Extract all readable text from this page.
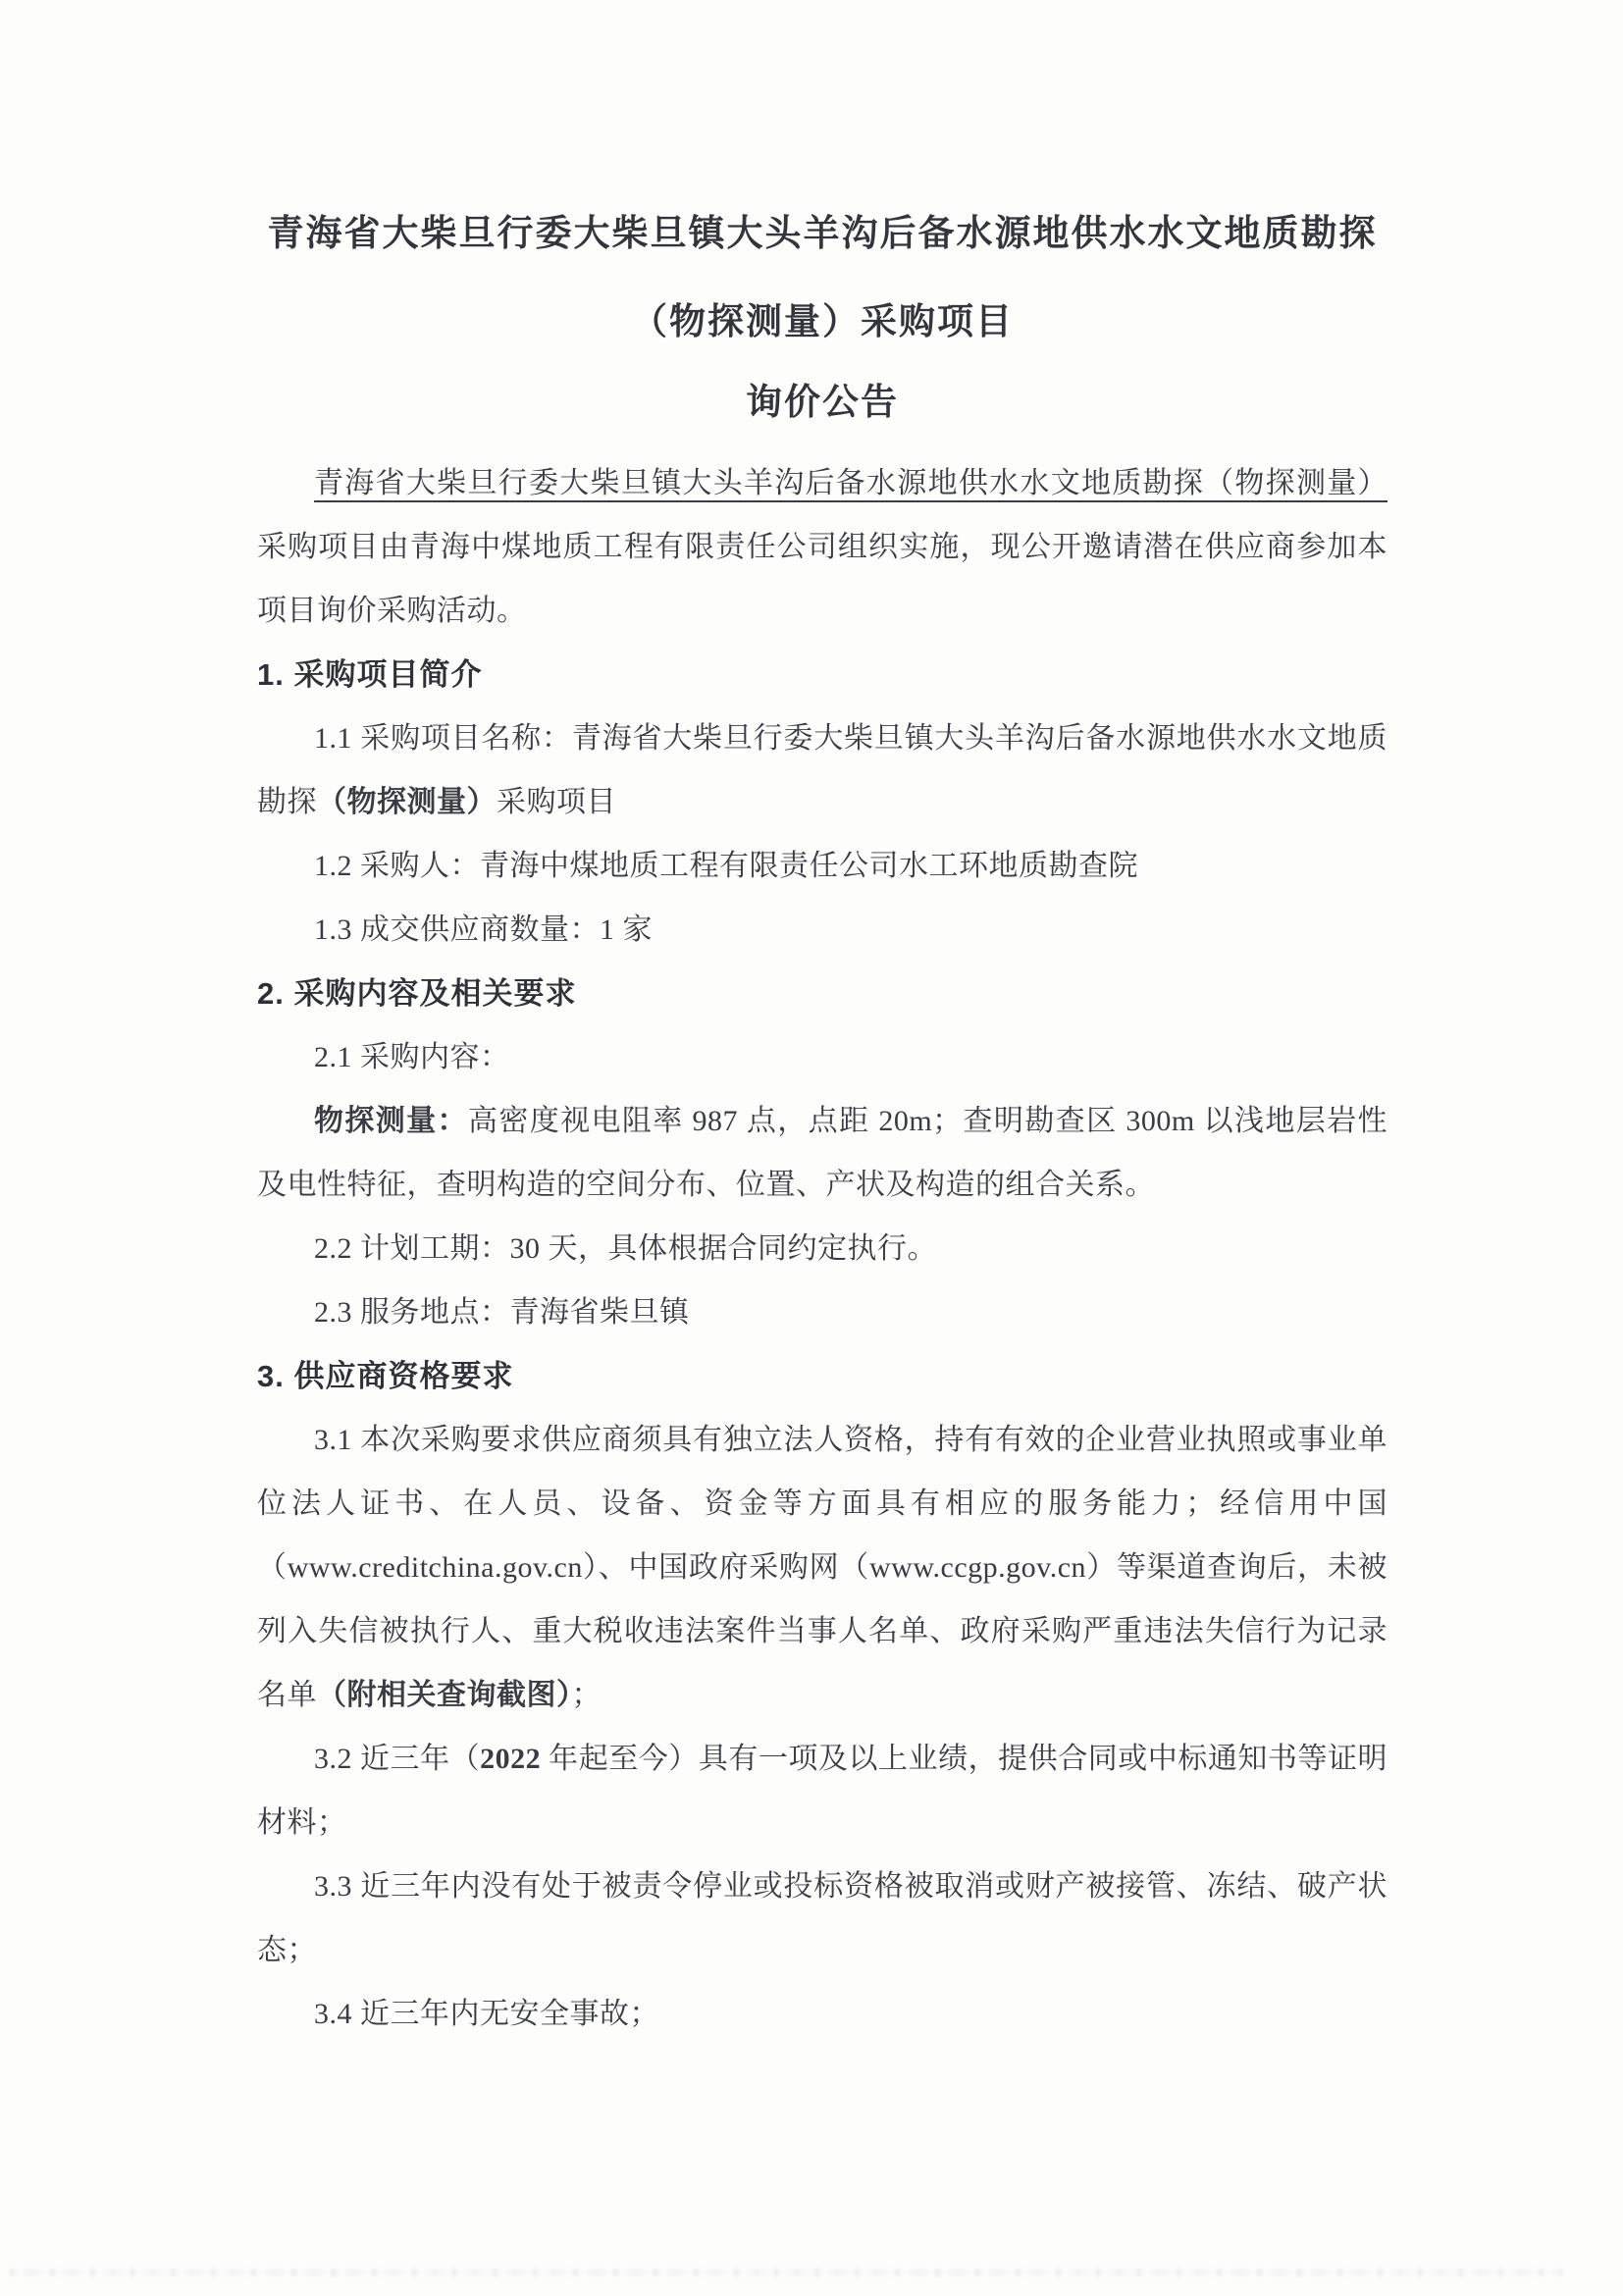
青海省大柴旦行委大柴旦镇大头羊沟后备水源地供水水文地质勘探
（物探测量）采购项目
询价公告

青海省大柴旦行委大柴旦镇大头羊沟后备水源地供水水文地质勘探（物探测量）采购项目由青海中煤地质工程有限责任公司组织实施，现公开邀请潜在供应商参加本项目询价采购活动。

1. 采购项目简介

1.1 采购项目名称：青海省大柴旦行委大柴旦镇大头羊沟后备水源地供水水文地质勘探（物探测量）采购项目

1.2 采购人：青海中煤地质工程有限责任公司水工环地质勘查院

1.3 成交供应商数量：1 家

2. 采购内容及相关要求

2.1 采购内容：

物探测量：高密度视电阻率 987 点，点距 20m；查明勘查区 300m 以浅地层岩性及电性特征，查明构造的空间分布、位置、产状及构造的组合关系。

2.2 计划工期：30 天，具体根据合同约定执行。

2.3 服务地点：青海省柴旦镇

3. 供应商资格要求

3.1 本次采购要求供应商须具有独立法人资格，持有有效的企业营业执照或事业单位法人证书、在人员、设备、资金等方面具有相应的服务能力；经信用中国（www.creditchina.gov.cn）、中国政府采购网（www.ccgp.gov.cn）等渠道查询后，未被列入失信被执行人、重大税收违法案件当事人名单、政府采购严重违法失信行为记录名单（附相关查询截图）；

3.2 近三年（2022 年起至今）具有一项及以上业绩，提供合同或中标通知书等证明材料；

3.3 近三年内没有处于被责令停业或投标资格被取消或财产被接管、冻结、破产状态；

3.4 近三年内无安全事故；
